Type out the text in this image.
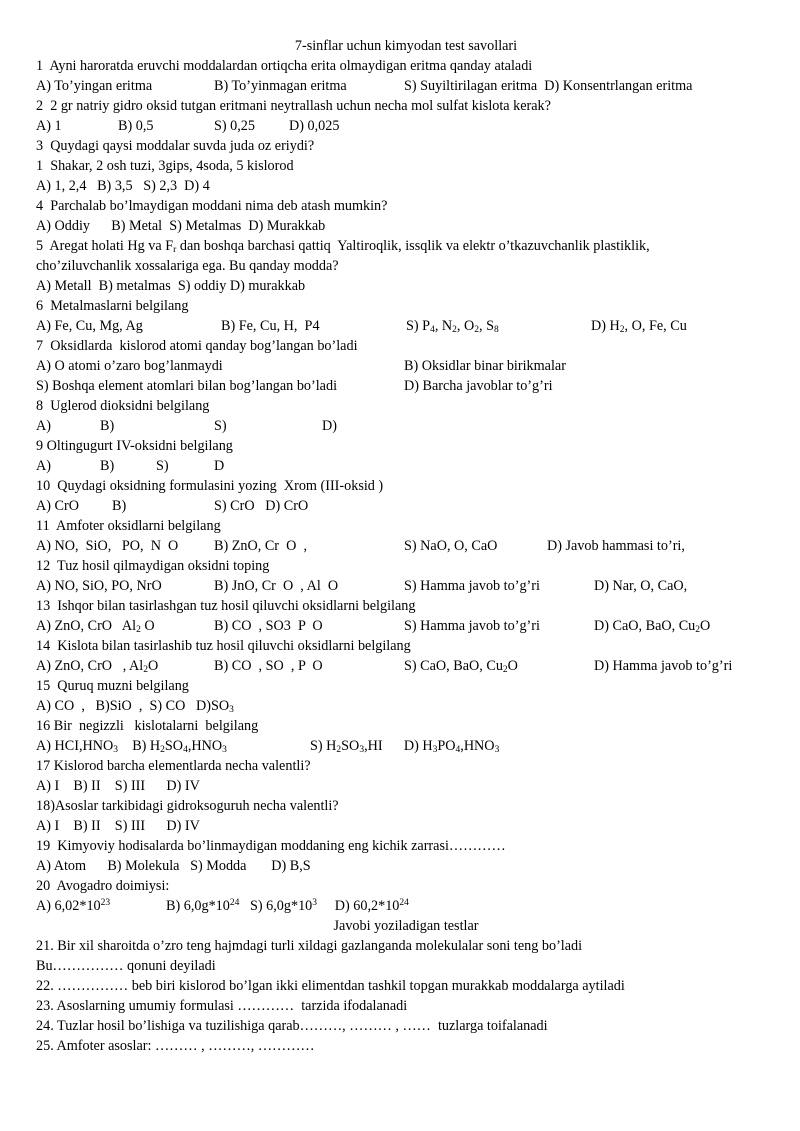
7-sinflar uchun kimyodan test savollari
1  Ayni haroratda eruvchi moddalardan ortiqcha erita olmaydigan eritma qanday ataladi
A) To’yingan eritma	B) To’yinmagan eritma	S) Suyiltirilagan eritma  D) Konsentrlangan eritma
2  2 gr natriy gidro oksid tutgan eritmani neytrallash uchun necha mol sulfat kislota kerak?
A) 1	B) 0,5	S) 0,25 D) 0,025
3  Quydagi qaysi moddalar suvda juda oz eriydi?
1  Shakar, 2 osh tuzi, 3gips, 4soda, 5 kislorod
A) 1, 2,4   B) 3,5   S) 2,3  D) 4
4  Parchalab bo’lmaydigan moddani nima deb atash mumkin?
A) Oddiy      B) Metal  S) Metalmas  D) Murakkab
5  Aregat holati Hg va $F_r$ dan boshqa barchasi qattiq  Yaltiroqlik, issqlik va elektr o’tkazuvchanlik plastiklik,
cho’ziluvchanlik xossalariga ega. Bu qanday modda?
A) Metall  B) metalmas  S) oddiy D) murakkab
6  Metalmaslarni belgilang
A) Fe, Cu, Mg, Ag	B) Fe, Cu, H,  P4	S) $P_4$, $N_2$, $O_2$, $S_8$	D) $H_2$, O, Fe, Cu
7  Oksidlarda  kislorod atomi qanday bog’langan bo’ladi
A) O atomi o’zaro bog’lanmaydi	B) Oksidlar binar birikmalar
S) Boshqa element atomlari bilan bog’langan bo’ladi	D) Barcha javoblar to’g’ri
8  Uglerod dioksidni belgilang
A)	B)	S)	D)
9 Oltingugurt IV-oksidni belgilang
A)	B)	S)	D
10  Quydagi oksidning formulasini yozing  Xrom (III-oksid )
A) CrO B)	S) CrO   D) CrO
11  Amfoter oksidlarni belgilang
A) NO,  SiO,   PO,  N  O	B) ZnO, Cr  O  ,	S) NaO, O, CaO	D) Javob hammasi to’ri,
12  Tuz hosil qilmaydigan oksidni toping
A) NO, SiO, PO, NrO	B) JnO, Cr  O  , Al  O	S) Hamma javob to’g’ri	D) Nar, O, CaO,
13  Ishqor bilan tasirlashgan tuz hosil qiluvchi oksidlarni belgilang
A) ZnO, CrO   $Al_2$ O	B) CO  , SO3  P  O	S) Hamma javob to’g’ri	D) CaO, BaO, $Cu_2O$
14  Kislota bilan tasirlashib tuz hosil qiluvchi oksidlarni belgilang
A) ZnO, CrO   , $Al_2O$	B) CO  , SO  , P  O	S) CaO, BaO, $Cu_2O$	D) Hamma javob to’g’ri
15  Quruq muzni belgilang
A) CO  ,   B)SiO  ,  S) CO   $D)SO_3$
16 Bir  negizzli   kislotalarni  belgilang
A) $HCI,HNO_3$    B) $H_2SO_4,HNO_3$	S) $H_2SO_3,HI$      D) $H_3PO_4,HNO_3$
17 Kislorod barcha elementlarda necha valentli?
A) I    B) II    S) III      D) IV
18)Asoslar tarkibidagi gidroksoguruh necha valentli?
A) I    B) II    S) III      D) IV
19  Kimyoviy hodisalarda bo’linmaydigan moddaning eng kichik zarrasi…………
A) Atom      B) Molekula   S) Modda       D) B,S
20  Avogadro doimiysi:
A) $6,02*10^{23}$	B) $6,0g*10^{24}$   S) $6,0g*10^3$     D) $60,2*10^{24}$
Javobi yoziladigan testlar
21. Bir xil sharoitda o’zro teng hajmdagi turli xildagi gazlanganda molekulalar soni teng bo’ladi
Bu…………… qonuni deyiladi
22. …………… beb biri kislorod bo’lgan ikki elimentdan tashkil topgan murakkab moddalarga aytiladi
23. Asoslarning umumiy formulasi …………  tarzida ifodalanadi
24. Tuzlar hosil bo’lishiga va tuzilishiga qarab………, ……… , ……  tuzlarga toifalanadi
25. Amfoter asoslar: ……… , ………, …………
